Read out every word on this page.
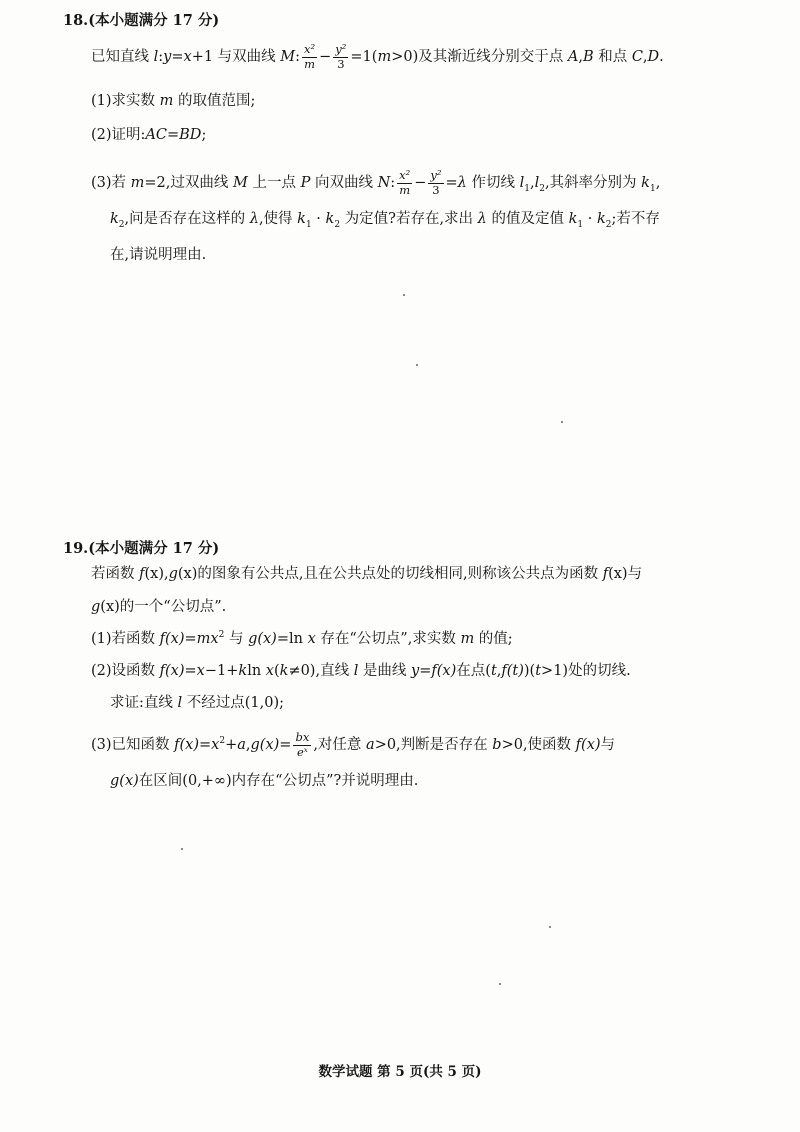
18.(本小题满分 17 分)
已知直线 l:y=x+1 与双曲线 M: $\frac{\text{x²}}{m} - \frac{\text{y²}}{3} =1(m>0)$及其渐近线分别交于点 A,B 和点 C,D.
(1)求实数 m 的取值范围;
(2)证明:AC=BD;
(3)若 m=2,过双曲线 M 上一点 P 向双曲线 N: $\frac{\text{x²}}{m} - \frac{\text{y²}}{3} =\lambda$ 作切线 $l_1,l_2$,其斜率分别为 $k_1$,
$k_2$,问是否存在这样的 λ,使得 $k_1 \cdot k_2$ 为定值?若存在,求出 λ 的值及定值 $k_1 \cdot k_2$;若不存
在,请说明理由.
19.(本小题满分 17 分)
若函数 f(x),g(x)的图象有公共点,且在公共点处的切线相同,则称该公共点为函数 f(x)与
g(x)的一个“公切点”.
(1)若函数 $f(x)=mx^2$ 与 g(x)=ln x 存在“公切点”,求实数 m 的值;
(2)设函数 f(x)=x−1+kln x(k≠0),直线 l 是曲线 y=f(x)在点(t,f(t))(t>1)处的切线.
求证:直线 l 不经过点(1,0);
(3)已知函数 $f(x)=x^2+a,g(x)= \frac{bx}{\text{eˣ}}$ ,对任意 a>0,判断是否存在 b>0,使函数 f(x)与
g(x)在区间(0,+∞)内存在“公切点”?并说明理由.
数学试题 第 5 页(共 5 页)
